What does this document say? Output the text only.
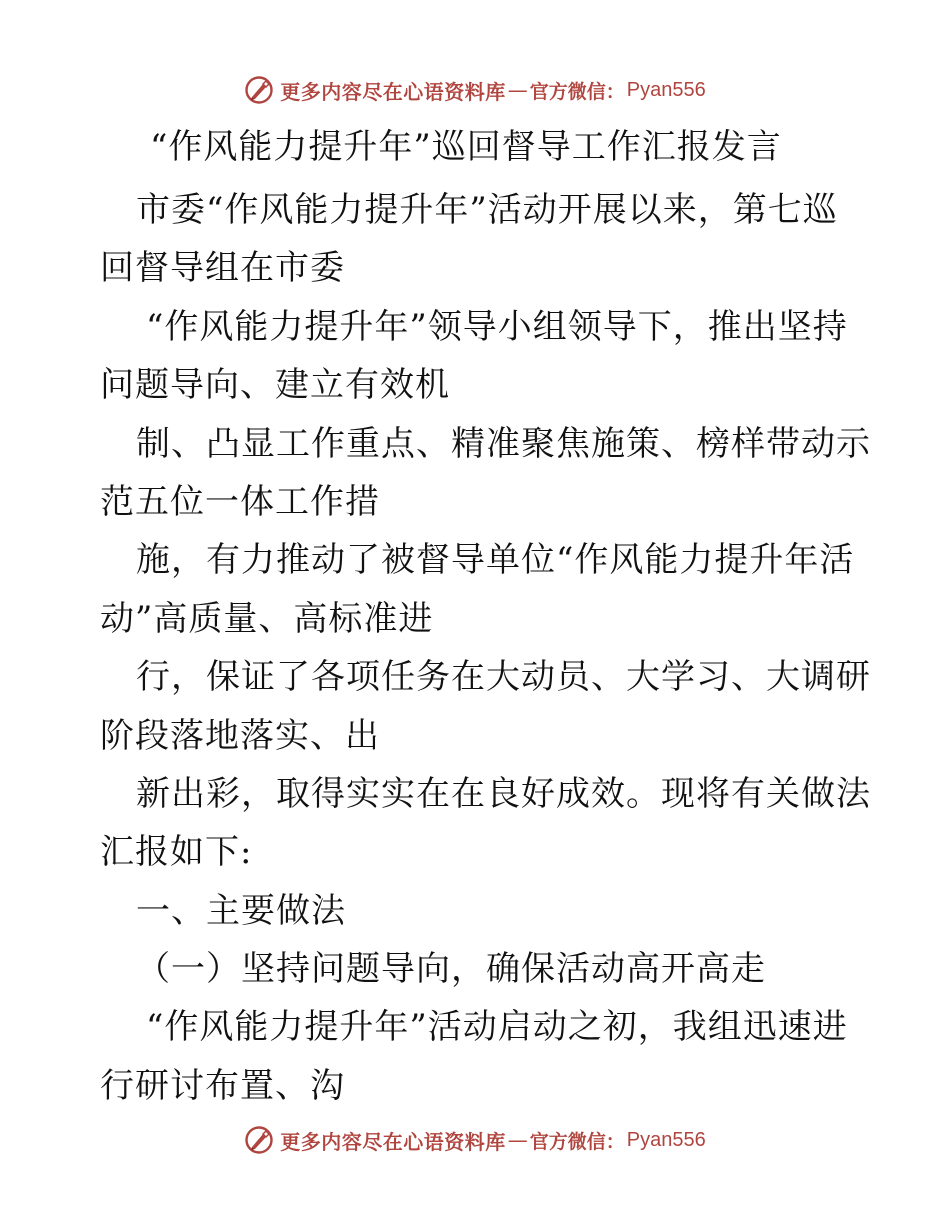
更多内容尽在心语资料库 — 官方微信： Pyan556
“作风能力提升年”巡回督导工作汇报发言
市委“作风能力提升年”活动开展以来，第七巡
回督导组在市委
“作风能力提升年”领导小组领导下，推出坚持
问题导向、建立有效机
制、凸显工作重点、精准聚焦施策、榜样带动示
范五位一体工作措
施，有力推动了被督导单位“作风能力提升年活
动”高质量、高标准进
行，保证了各项任务在大动员、大学习、大调研
阶段落地落实、出
新出彩，取得实实在在良好成效。现将有关做法
汇报如下:
一、主要做法
（一）坚持问题导向，确保活动高开高走
“作风能力提升年”活动启动之初，我组迅速进
行研讨布置、沟
更多内容尽在心语资料库 — 官方微信： Pyan556
